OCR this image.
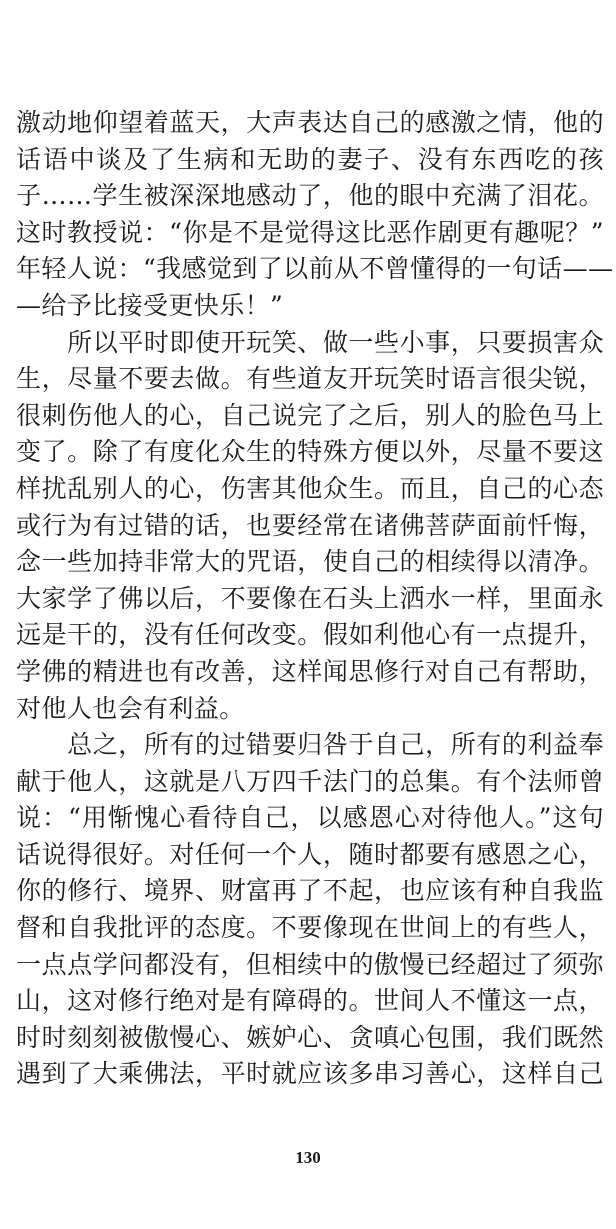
激动地仰望着蓝天，大声表达自己的感激之情，他的
话语中谈及了生病和无助的妻子、没有东西吃的孩
子……学生被深深地感动了，他的眼中充满了泪花。
这时教授说：“你是不是觉得这比恶作剧更有趣呢？”
年轻人说：“我感觉到了以前从不曾懂得的一句话——
—给予比接受更快乐！”
　　所以平时即使开玩笑、做一些小事，只要损害众
生，尽量不要去做。有些道友开玩笑时语言很尖锐，
很刺伤他人的心，自己说完了之后，别人的脸色马上
变了。除了有度化众生的特殊方便以外，尽量不要这
样扰乱别人的心，伤害其他众生。而且，自己的心态
或行为有过错的话，也要经常在诸佛菩萨面前忏悔，
念一些加持非常大的咒语，使自己的相续得以清净。
大家学了佛以后，不要像在石头上洒水一样，里面永
远是干的，没有任何改变。假如利他心有一点提升，
学佛的精进也有改善，这样闻思修行对自己有帮助，
对他人也会有利益。
　　总之，所有的过错要归咎于自己，所有的利益奉
献于他人，这就是八万四千法门的总集。有个法师曾
说：“用惭愧心看待自己，以感恩心对待他人。”这句
话说得很好。对任何一个人，随时都要有感恩之心，
你的修行、境界、财富再了不起，也应该有种自我监
督和自我批评的态度。不要像现在世间上的有些人，
一点点学问都没有，但相续中的傲慢已经超过了须弥
山，这对修行绝对是有障碍的。世间人不懂这一点，
时时刻刻被傲慢心、嫉妒心、贪嗔心包围，我们既然
遇到了大乘佛法，平时就应该多串习善心，这样自己
130
